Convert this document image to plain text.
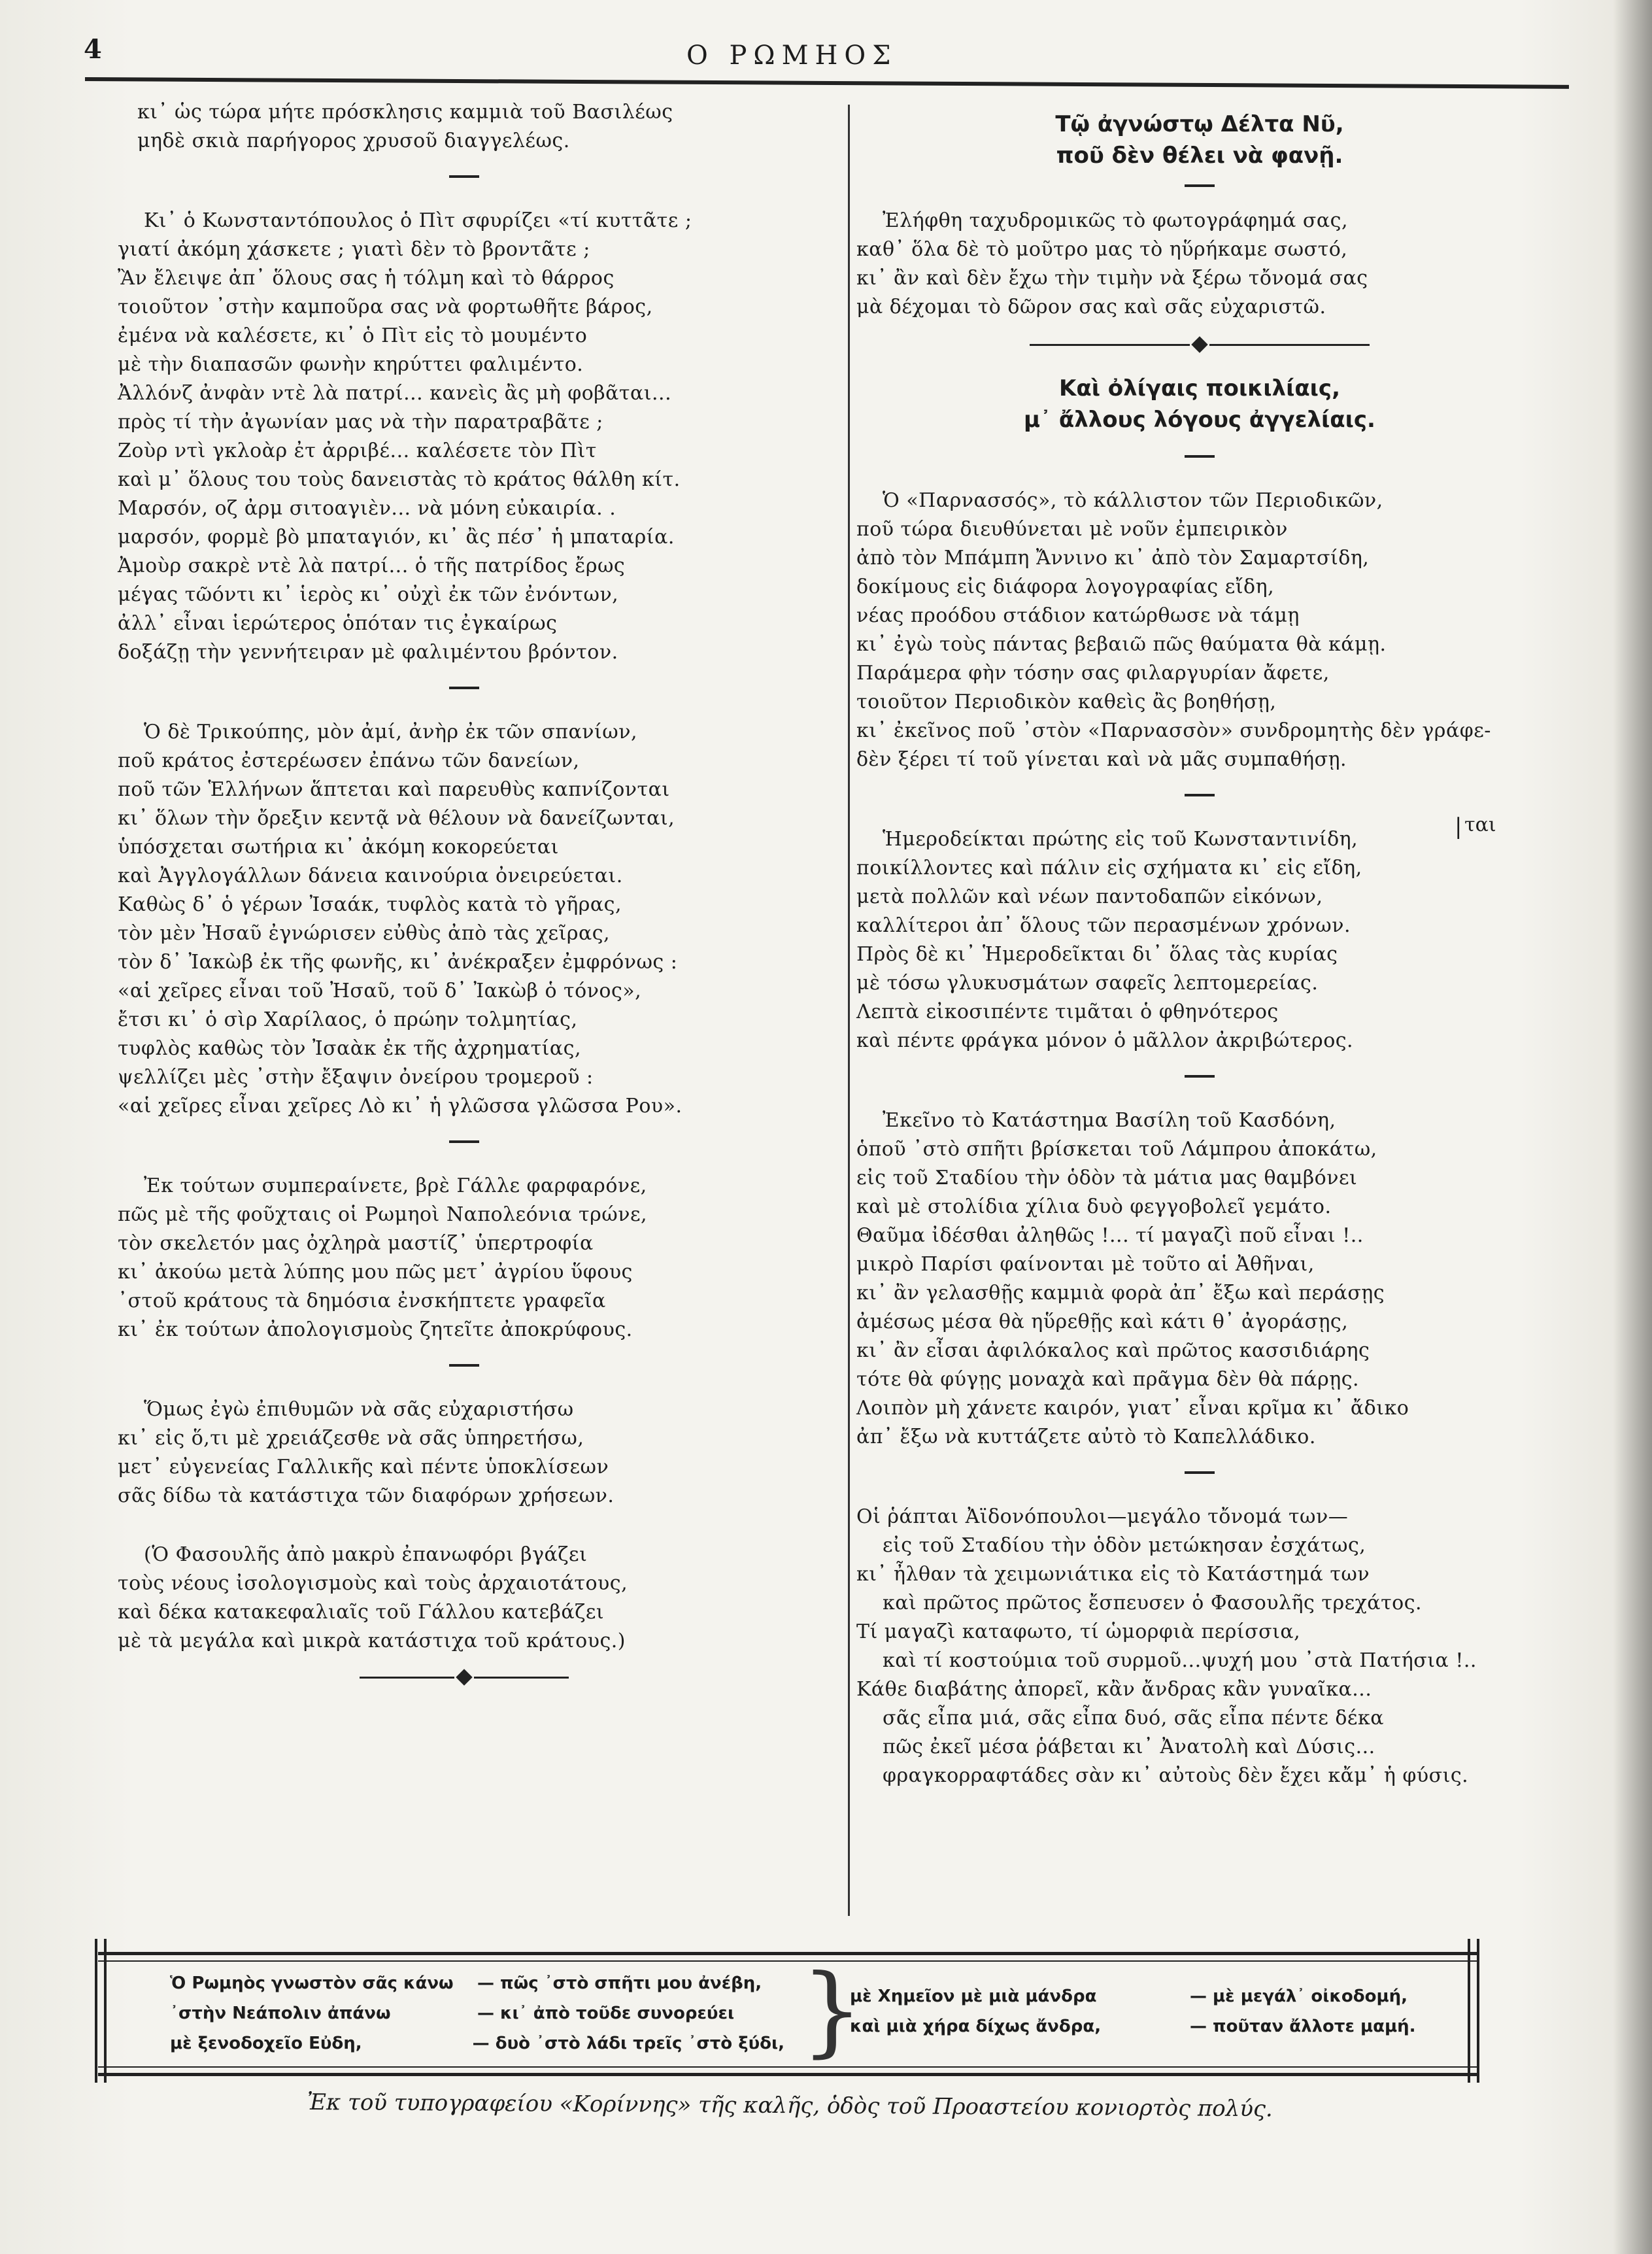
4	Ο ΡΩΜΗΟΣ
κι᾿ ὡς τώρα μήτε πρόσκλησις καμμιὰ τοῦ Βασιλέως
μηδὲ σκιὰ παρήγορος χρυσοῦ διαγγελέως.
Κι᾿ ὁ Κωνσταντόπουλος ὁ Πὶτ σφυρίζει «τί κυττᾶτε ;
γιατί ἀκόμη χάσκετε ; γιατὶ δὲν τὸ βροντᾶτε ;
Ἂν ἔλειψε ἀπ᾿ ὅλους σας ἡ τόλμη καὶ τὸ θάρρος
τοιοῦτον ᾿στὴν καμποῦρα σας νὰ φορτωθῆτε βάρος,
ἐμένα νὰ καλέσετε, κι᾿ ὁ Πὶτ εἰς τὸ μουμέντο
μὲ τὴν διαπασῶν φωνὴν κηρύττει φαλιμέντο.
Ἀλλόνζ ἀνφὰν ντὲ λὰ πατρί... κανεὶς ἂς μὴ φοβᾶται...
πρὸς τί τὴν ἀγωνίαν μας νὰ τὴν παρατραβᾶτε ;
Ζοὺρ ντὶ γκλοὰρ ἐτ ἀρριβέ... καλέσετε τὸν Πὶτ
καὶ μ᾿ ὅλους του τοὺς δανειστὰς τὸ κράτος θάλθη κίτ.
Μαρσόν, οζ ἀρμ σιτοαγιὲν... νὰ μόνη εὐκαιρία. .
μαρσόν, φορμὲ βὸ μπαταγιόν, κι᾿ ἂς πέσ᾿ ἡ μπαταρία.
Ἀμοὺρ σακρὲ ντὲ λὰ πατρί... ὁ τῆς πατρίδος ἔρως
μέγας τῶόντι κι᾿ ἱερὸς κι᾿ οὐχὶ ἐκ τῶν ἐνόντων,
ἀλλ᾿ εἶναι ἱερώτερος ὁπόταν τις ἐγκαίρως
δοξάζῃ τὴν γεννήτειραν μὲ φαλιμέντου βρόντον.
Ὁ δὲ Τρικούπης, μὸν ἀμί, ἀνὴρ ἐκ τῶν σπανίων,
ποῦ κράτος ἐστερέωσεν ἐπάνω τῶν δανείων,
ποῦ τῶν Ἑλλήνων ἅπτεται καὶ παρευθὺς καπνίζονται
κι᾿ ὅλων τὴν ὄρεξιν κεντᾷ νὰ θέλουν νὰ δανείζωνται,
ὑπόσχεται σωτήρια κι᾿ ἀκόμη κοκορεύεται
καὶ Ἀγγλογάλλων δάνεια καινούρια ὀνειρεύεται.
Καθὼς δ᾿ ὁ γέρων Ἰσαάκ, τυφλὸς κατὰ τὸ γῆρας,
τὸν μὲν Ἠσαῦ ἐγνώρισεν εὐθὺς ἀπὸ τὰς χεῖρας,
τὸν δ᾿ Ἰακὼβ ἐκ τῆς φωνῆς, κι᾿ ἀνέκραξεν ἐμφρόνως :
«αἱ χεῖρες εἶναι τοῦ Ἠσαῦ, τοῦ δ᾿ Ἰακὼβ ὁ τόνος»,
ἔτσι κι᾿ ὁ σὶρ Χαρίλαος, ὁ πρώην τολμητίας,
τυφλὸς καθὼς τὸν Ἰσαὰκ ἐκ τῆς ἀχρηματίας,
ψελλίζει μὲς ᾿στὴν ἔξαψιν ὀνείρου τρομεροῦ :
«αἱ χεῖρες εἶναι χεῖρες Λὸ κι᾿ ἡ γλῶσσα γλῶσσα Ρου».
Ἐκ τούτων συμπεραίνετε, βρὲ Γάλλε φαρφαρόνε,
πῶς μὲ τῆς φοῦχταις οἱ Ρωμηοὶ Ναπολεόνια τρώνε,
τὸν σκελετόν μας ὀχληρὰ μαστίζ᾿ ὑπερτροφία
κι᾿ ἀκούω μετὰ λύπης μου πῶς μετ᾿ ἀγρίου ὕφους
᾿στοῦ κράτους τὰ δημόσια ἐνσκήπτετε γραφεῖα
κι᾿ ἐκ τούτων ἀπολογισμοὺς ζητεῖτε ἀποκρύφους.
Ὅμως ἐγὼ ἐπιθυμῶν νὰ σᾶς εὐχαριστήσω
κι᾿ εἰς ὅ,τι μὲ χρειάζεσθε νὰ σᾶς ὑπηρετήσω,
μετ᾿ εὐγενείας Γαλλικῆς καὶ πέντε ὑποκλίσεων
σᾶς δίδω τὰ κατάστιχα τῶν διαφόρων χρήσεων.
(Ὁ Φασουλῆς ἀπὸ μακρὺ ἐπανωφόρι βγάζει
τοὺς νέους ἰσολογισμοὺς καὶ τοὺς ἀρχαιοτάτους,
καὶ δέκα κατακεφαλιαῖς τοῦ Γάλλου κατεβάζει
μὲ τὰ μεγάλα καὶ μικρὰ κατάστιχα τοῦ κράτους.)
Τῷ ἀγνώστῳ Δέλτα Νῦ,
ποῦ δὲν θέλει νὰ φανῇ.
Ἐλήφθη ταχυδρομικῶς τὸ φωτογράφημά σας,
καθ᾿ ὅλα δὲ τὸ μοῦτρο μας τὸ ηὕρήκαμε σωστό,
κι᾿ ἂν καὶ δὲν ἔχω τὴν τιμὴν νὰ ξέρω τὄνομά σας
μὰ δέχομαι τὸ δῶρον σας καὶ σᾶς εὐχαριστῶ.
Καὶ ὀλίγαις ποικιλίαις,
μ᾿ ἄλλους λόγους ἀγγελίαις.
Ὁ «Παρνασσός», τὸ κάλλιστον τῶν Περιοδικῶν,
ποῦ τώρα διευθύνεται μὲ νοῦν ἐμπειρικὸν
ἀπὸ τὸν Μπάμπη Ἄννινο κι᾿ ἀπὸ τὸν Σαμαρτσίδη,
δοκίμους εἰς διάφορα λογογραφίας εἴδη,
νέας προόδου στάδιον κατώρθωσε νὰ τάμῃ
κι᾿ ἐγὼ τοὺς πάντας βεβαιῶ πῶς θαύματα θὰ κάμῃ.
Παράμερα φὴν τόσην σας φιλαργυρίαν ἄφετε,
τοιοῦτον Περιοδικὸν καθεὶς ἂς βοηθήσῃ,
κι᾿ ἐκεῖνος ποῦ ᾿στὸν «Παρνασσὸν» συνδρομητὴς δὲν γράφε-
δὲν ξέρει τί τοῦ γίνεται καὶ νὰ μᾶς συμπαθήσῃ.
Ἡμεροδείκται πρώτης εἰς τοῦ Κωνσταντινίδη,
ποικίλλοντες καὶ πάλιν εἰς σχήματα κι᾿ εἰς εἴδη,
μετὰ πολλῶν καὶ νέων παντοδαπῶν εἰκόνων,
καλλίτεροι ἀπ᾿ ὅλους τῶν περασμένων χρόνων.
Πρὸς δὲ κι᾿ Ἡμεροδεῖκται δι᾿ ὅλας τὰς κυρίας
μὲ τόσω γλυκυσμάτων σαφεῖς λεπτομερείας.
Λεπτὰ εἰκοσιπέντε τιμᾶται ὁ φθηνότερος
καὶ πέντε φράγκα μόνον ὁ μᾶλλον ἀκριβώτερος.
Ἐκεῖνο τὸ Κατάστημα Βασίλη τοῦ Κασδόνη,
ὁποῦ ᾿στὸ σπῆτι βρίσκεται τοῦ Λάμπρου ἀποκάτω,
εἰς τοῦ Σταδίου τὴν ὁδὸν τὰ μάτια μας θαμβόνει
καὶ μὲ στολίδια χίλια δυὸ φεγγοβολεῖ γεμάτο.
Θαῦμα ἰδέσθαι ἀληθῶς !... τί μαγαζὶ ποῦ εἶναι !..
μικρὸ Παρίσι φαίνονται μὲ τοῦτο αἱ Ἀθῆναι,
κι᾿ ἂν γελασθῇς καμμιὰ φορὰ ἀπ᾿ ἔξω καὶ περάσῃς
ἀμέσως μέσα θὰ ηὕρεθῇς καὶ κάτι θ᾿ ἀγοράσῃς,
κι᾿ ἂν εἶσαι ἀφιλόκαλος καὶ πρῶτος κασσιδιάρης
τότε θὰ φύγῃς μοναχὰ καὶ πρᾶγμα δὲν θὰ πάρῃς.
Λοιπὸν μὴ χάνετε καιρόν, γιατ᾿ εἶναι κρῖμα κι᾿ ἄδικο
ἀπ᾿ ἔξω νὰ κυττάζετε αὐτὸ τὸ Καπελλάδικο.
Οἱ ῥάπται Ἀϊδονόπουλοι—μεγάλο τὄνομά των—
εἰς τοῦ Σταδίου τὴν ὁδὸν μετώκησαν ἐσχάτως,
κι᾿ ἦλθαν τὰ χειμωνιάτικα εἰς τὸ Κατάστημά των
καὶ πρῶτος πρῶτος ἔσπευσεν ὁ Φασουλῆς τρεχάτος.
Τί μαγαζὶ καταφωτο, τί ὡμορφιὰ περίσσια,
καὶ τί κοστούμια τοῦ συρμοῦ...ψυχή μου ᾿στὰ Πατήσια !..
Κάθε διαβάτης ἀπορεῖ, κἂν ἄνδρας κἂν γυναῖκα...
σᾶς εἶπα μιά, σᾶς εἶπα δυό, σᾶς εἶπα πέντε δέκα
πῶς ἐκεῖ μέσα ῥάβεται κι᾿ Ἀνατολὴ καὶ Δύσις...
φραγκορραφτάδες σὰν κι᾿ αὐτοὺς δὲν ἔχει κἄμ᾿ ἡ φύσις.
| ται
Ὁ Ρωμηὸς γνωστὸν σᾶς κάνω	— πῶς ᾿στὸ σπῆτι μου ἀνέβη,
᾿στὴν Νεάπολιν ἀπάνω	— κι᾿ ἀπὸ τοῦδε συνορεύει
μὲ ξενοδοχεῖο Εὐδη,	— δυὸ ᾿στὸ λάδι τρεῖς ᾿στὸ ξύδι, }
μὲ Χημεῖον μὲ μιὰ μάνδρα	— μὲ μεγάλ᾿ οἰκοδομή,
καὶ μιὰ χήρα δίχως ἄνδρα,	— ποῦταν ἄλλοτε μαμή.
Ἐκ τοῦ τυπογραφείου «Κορίννης» τῆς καλῆς, ὁδὸς τοῦ Προαστείου κονιορτὸς πολύς.
